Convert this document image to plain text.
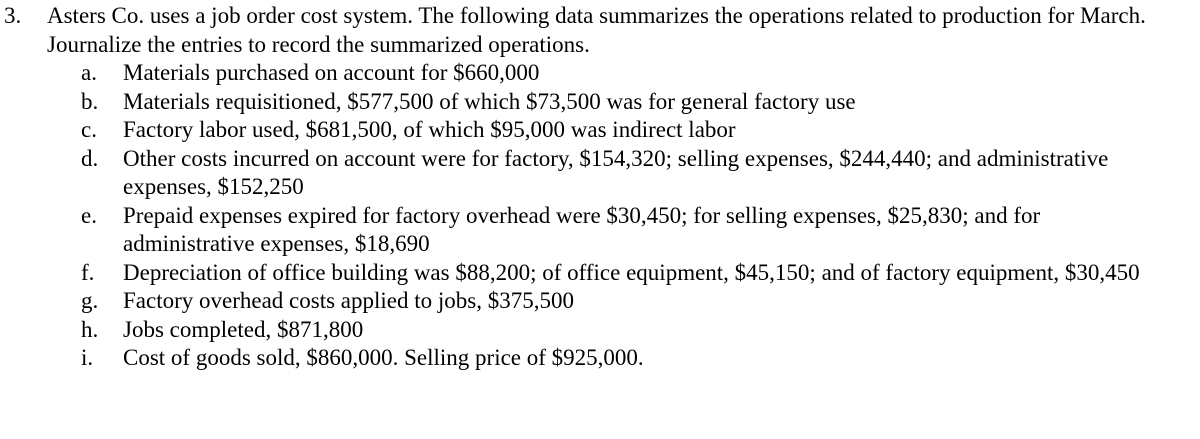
3.	Asters Co. uses a job order cost system. The following data summarizes the operations related to production for March. Journalize the entries to record the summarized operations.
a.	Materials purchased on account for $660,000
b.	Materials requisitioned, $577,500 of which $73,500 was for general factory use
c.	Factory labor used, $681,500, of which $95,000 was indirect labor
d.	Other costs incurred on account were for factory, $154,320; selling expenses, $244,440; and administrative expenses, $152,250
e.	Prepaid expenses expired for factory overhead were $30,450; for selling expenses, $25,830; and for administrative expenses, $18,690
f.	Depreciation of office building was $88,200; of office equipment, $45,150; and of factory equipment, $30,450
g.	Factory overhead costs applied to jobs, $375,500
h.	Jobs completed, $871,800
i.	Cost of goods sold, $860,000. Selling price of $925,000.
